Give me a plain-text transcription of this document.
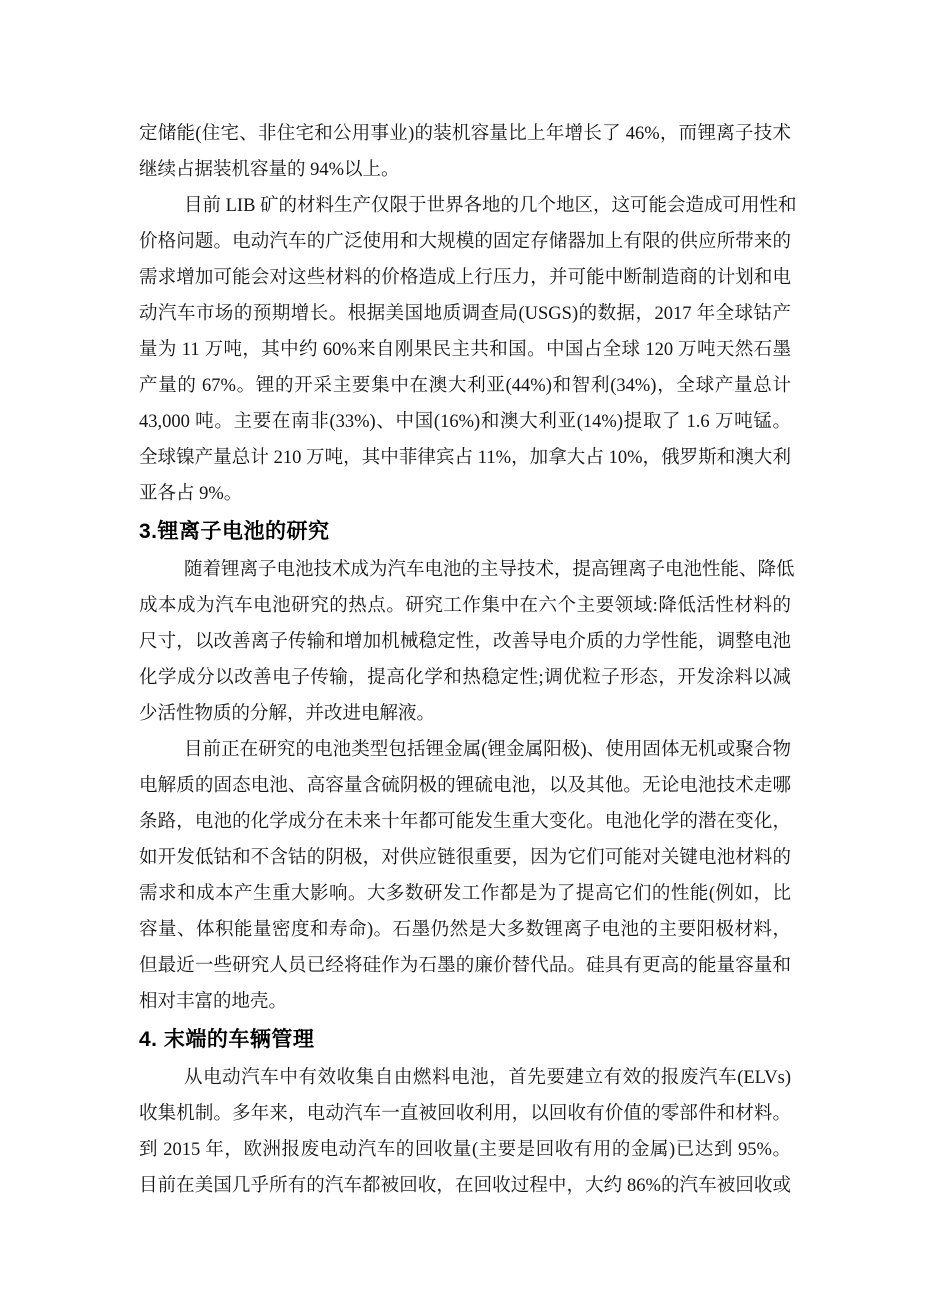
定储能(住宅、非住宅和公用事业)的装机容量比上年增长了 46%，而锂离子技术
继续占据装机容量的 94%以上。
目前 LIB 矿的材料生产仅限于世界各地的几个地区，这可能会造成可用性和
价格问题。电动汽车的广泛使用和大规模的固定存储器加上有限的供应所带来的
需求增加可能会对这些材料的价格造成上行压力，并可能中断制造商的计划和电
动汽车市场的预期增长。根据美国地质调查局(USGS)的数据，2017 年全球钴产
量为 11 万吨，其中约 60%来自刚果民主共和国。中国占全球 120 万吨天然石墨
产量的 67%。锂的开采主要集中在澳大利亚(44%)和智利(34%)，全球产量总计
43,000 吨。主要在南非(33%)、中国(16%)和澳大利亚(14%)提取了 1.6 万吨锰。
全球镍产量总计 210 万吨，其中菲律宾占 11%，加拿大占 10%，俄罗斯和澳大利
亚各占 9%。
3.锂离子电池的研究
随着锂离子电池技术成为汽车电池的主导技术，提高锂离子电池性能、降低
成本成为汽车电池研究的热点。研究工作集中在六个主要领域:降低活性材料的
尺寸，以改善离子传输和增加机械稳定性，改善导电介质的力学性能，调整电池
化学成分以改善电子传输，提高化学和热稳定性;调优粒子形态，开发涂料以减
少活性物质的分解，并改进电解液。
目前正在研究的电池类型包括锂金属(锂金属阳极)、使用固体无机或聚合物
电解质的固态电池、高容量含硫阴极的锂硫电池，以及其他。无论电池技术走哪
条路，电池的化学成分在未来十年都可能发生重大变化。电池化学的潜在变化，
如开发低钴和不含钴的阴极，对供应链很重要，因为它们可能对关键电池材料的
需求和成本产生重大影响。大多数研发工作都是为了提高它们的性能(例如，比
容量、体积能量密度和寿命)。石墨仍然是大多数锂离子电池的主要阳极材料，
但最近一些研究人员已经将硅作为石墨的廉价替代品。硅具有更高的能量容量和
相对丰富的地壳。
4. 末端的车辆管理
从电动汽车中有效收集自由燃料电池，首先要建立有效的报废汽车(ELVs)
收集机制。多年来，电动汽车一直被回收利用，以回收有价值的零部件和材料。
到 2015 年，欧洲报废电动汽车的回收量(主要是回收有用的金属)已达到 95%。
目前在美国几乎所有的汽车都被回收，在回收过程中，大约 86%的汽车被回收或
